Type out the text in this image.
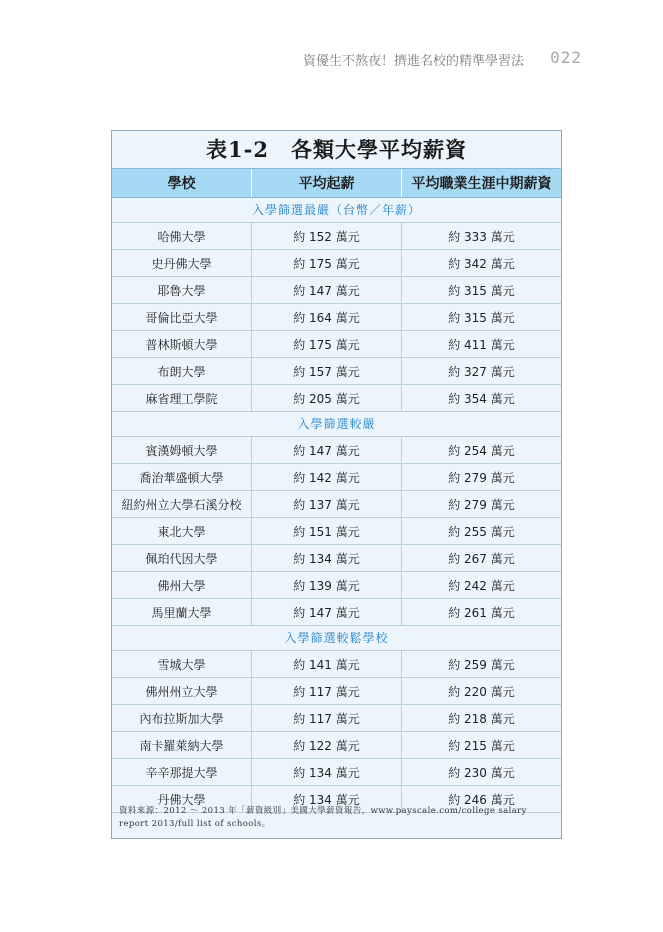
資優生不熬夜！擠進名校的精準學習法 022
表1-2　各類大學平均薪資
學校	平均起薪	平均職業生涯中期薪資
入學篩選最嚴（台幣／年薪）
哈佛大學	約 152 萬元	約 333 萬元
史丹佛大學	約 175 萬元	約 342 萬元
耶魯大學	約 147 萬元	約 315 萬元
哥倫比亞大學	約 164 萬元	約 315 萬元
普林斯頓大學	約 175 萬元	約 411 萬元
布朗大學	約 157 萬元	約 327 萬元
麻省理工學院	約 205 萬元	約 354 萬元
入學篩選較嚴
賓漢姆頓大學	約 147 萬元	約 254 萬元
喬治華盛頓大學	約 142 萬元	約 279 萬元
紐約州立大學石溪分校	約 137 萬元	約 279 萬元
東北大學	約 151 萬元	約 255 萬元
佩珀代因大學	約 134 萬元	約 267 萬元
佛州大學	約 139 萬元	約 242 萬元
馬里蘭大學	約 147 萬元	約 261 萬元
入學篩選較鬆學校
雪城大學	約 141 萬元	約 259 萬元
佛州州立大學	約 117 萬元	約 220 萬元
內布拉斯加大學	約 117 萬元	約 218 萬元
南卡羅萊納大學	約 122 萬元	約 215 萬元
辛辛那提大學	約 134 萬元	約 230 萬元
丹佛大學	約 134 萬元	約 246 萬元
資料來源：2012 ～ 2013 年「薪資級別」美國大學薪資報告，www.payscale.com/college salary report 2013/full list of schools。
